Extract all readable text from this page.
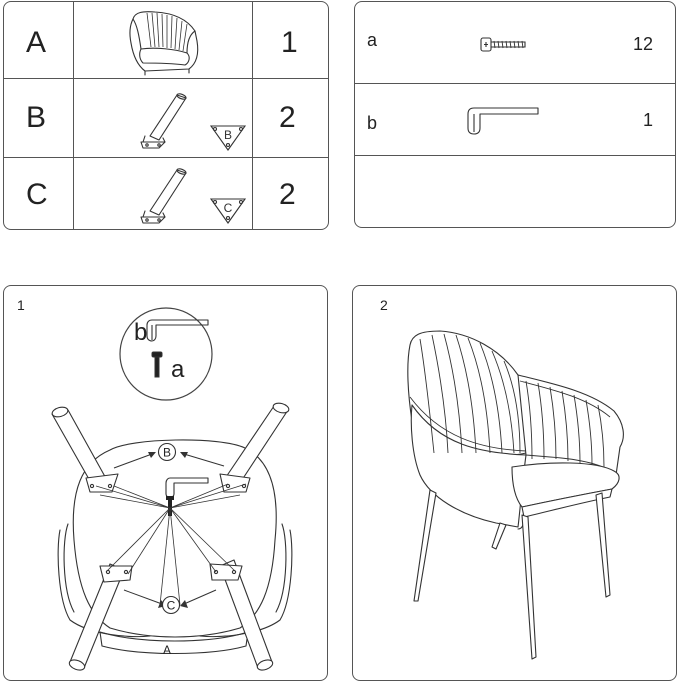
A	1
B	2
C	2
B
C
a	12
b	1
1
b
a
B
C
A
2
